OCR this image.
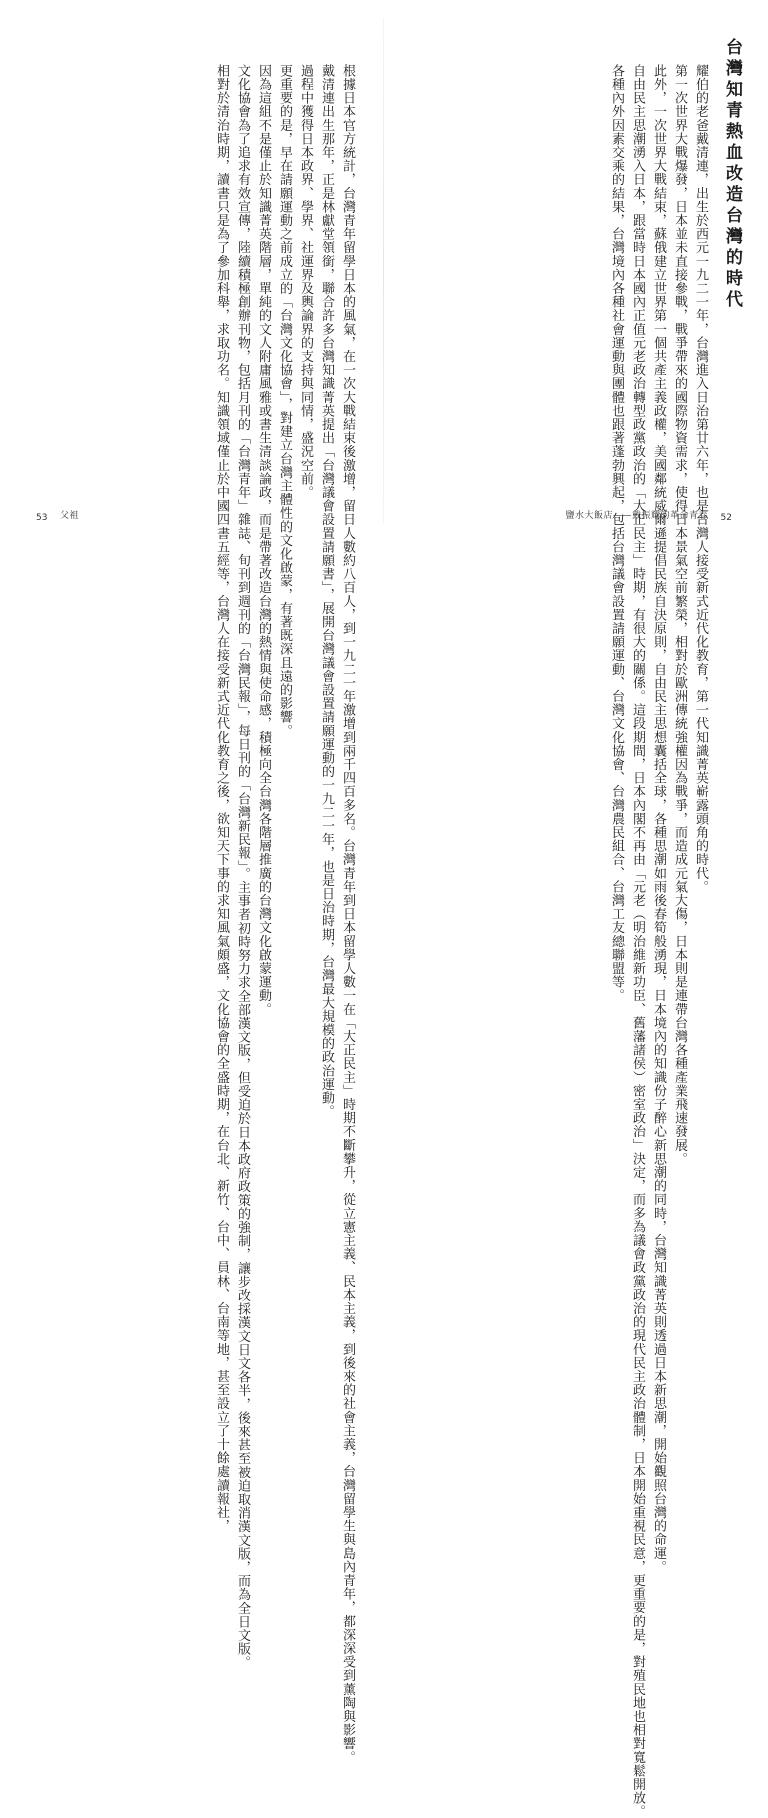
根據日本官方統計，台灣青年留學日本的風氣，在一次大戰結束後激增，留日人數約八百人，到一九二一年激增到兩千四百多名。台灣青年到日本留學人數一在「大正民主」時期不斷攀升，從立憲主義、民本主義，到後來的社會主義，台灣留學生與島內青年，都深深受到薰陶與影響。

戴清連出生那年，正是林獻堂領銜，聯合許多台灣知識菁英提出「台灣議會設置請願書」，展開台灣議會設置請願運動的一九二一年，也是日治時期，台灣最大規模的政治運動。

過程中獲得日本政界、學界、社運界及輿論界的支持與同情，盛況空前。

更重要的是，早在請願運動之前成立的「台灣文化協會」，對建立台灣主體性的文化啟蒙，有著既深且遠的影響。

因為這組不是僅止於知識菁英階層，單純的文人附庸風雅或書生清談論政，而是帶著改造台灣的熱情與使命感，積極向全台灣各階層推廣的台灣文化啟蒙運動。

文化協會為了追求有效宣傳，陸續積極創辦刊物，包括月刊的「台灣青年」雜誌、旬刊到週刊的「台灣民報」，每日刊的「台灣新民報」。主事者初時努力求全部漢文版，但受迫於日本政府政策的強制，讓步改採漢文日文各半，後來甚至被迫取消漢文版，而為全日文版。

相對於清治時期，讀書只是為了參加科舉，求取功名。知識領域僅止於中國四書五經等，台灣人在接受新式近代化教育之後，欲知天下事的求知風氣頗盛，文化協會的全盛時期，在台北、新竹、台中、員林、台南等地，甚至設立了十餘處讀報社，

53 父祖
台灣知青熱血改造台灣的時代

耀伯的老爸戴清連，出生於西元一九二一年，台灣進入日治第廿六年，也是台灣人接受新式近代化教育，第一代知識菁英嶄露頭角的時代。

第一次世界大戰爆發，日本並未直接參戰，戰爭帶來的國際物資需求，使得日本景氣空前繁榮，相對於歐洲傳統強權因為戰爭，而造成元氣大傷，日本則是連帶台灣各種產業飛速發展。

此外，一次世界大戰結束，蘇俄建立世界第一個共產主義政權，美國鄰統威爾遜提倡民族自決原則，自由民主思想囊括全球，各種思潮如雨後春筍般湧現，日本境內的知識份子醉心新思潮的同時，台灣知識菁英則透過日本新思潮，開始觀照台灣的命運。

自由民主思潮湧入日本，跟當時日本國內正值元老政治轉型政黨政治的「大正民主」時期，有很大的關係。這段期間，日本內閣不再由「元老（明治維新功臣、舊藩諸侯）密室政治」決定，而多為議會政黨政治的現代民主政治體制，日本開始重視民意，更重要的是，對殖民地也相對寬鬆開放。

各種內外因素交乘的結果，台灣境內各種社會運動與團體也跟著蓬勃興起，包括台灣議會設置請願運動、台灣文化協會、台灣農民組合、台灣工友總聯盟等。

鹽水大飯店——戴振耀的革命青春 52
